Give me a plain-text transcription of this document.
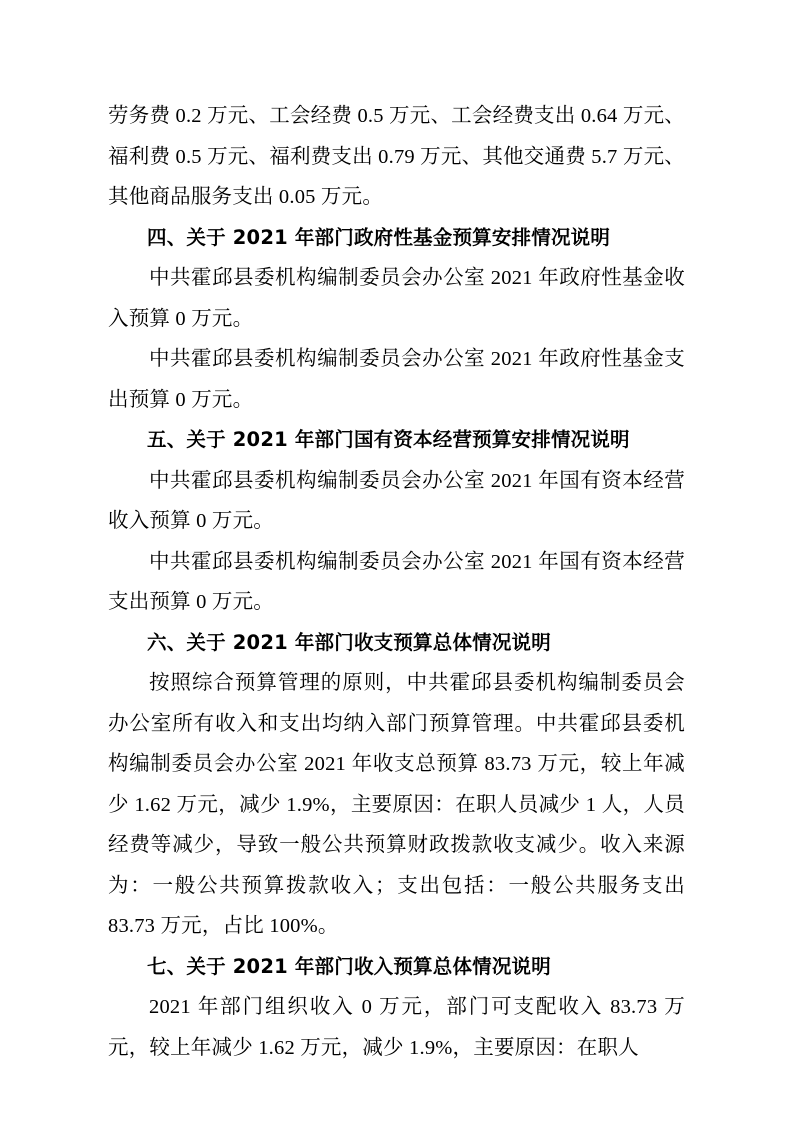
劳务费 0.2 万元、工会经费 0.5 万元、工会经费支出 0.64 万元、福利费 0.5 万元、福利费支出 0.79 万元、其他交通费 5.7 万元、其他商品服务支出 0.05 万元。

四、关于 2021 年部门政府性基金预算安排情况说明

中共霍邱县委机构编制委员会办公室 2021 年政府性基金收入预算 0 万元。

中共霍邱县委机构编制委员会办公室 2021 年政府性基金支出预算 0 万元。

五、关于 2021 年部门国有资本经营预算安排情况说明

中共霍邱县委机构编制委员会办公室 2021 年国有资本经营收入预算 0 万元。

中共霍邱县委机构编制委员会办公室 2021 年国有资本经营支出预算 0 万元。

六、关于 2021 年部门收支预算总体情况说明

按照综合预算管理的原则，中共霍邱县委机构编制委员会办公室所有收入和支出均纳入部门预算管理。中共霍邱县委机构编制委员会办公室 2021 年收支总预算 83.73 万元，较上年减少 1.62 万元，减少 1.9%，主要原因：在职人员减少 1 人，人员经费等减少，导致一般公共预算财政拨款收支减少。收入来源为：一般公共预算拨款收入；支出包括：一般公共服务支出 83.73 万元，占比 100%。

七、关于 2021 年部门收入预算总体情况说明

2021 年部门组织收入 0 万元，部门可支配收入 83.73 万元，较上年减少 1.62 万元，减少 1.9%，主要原因：在职人
